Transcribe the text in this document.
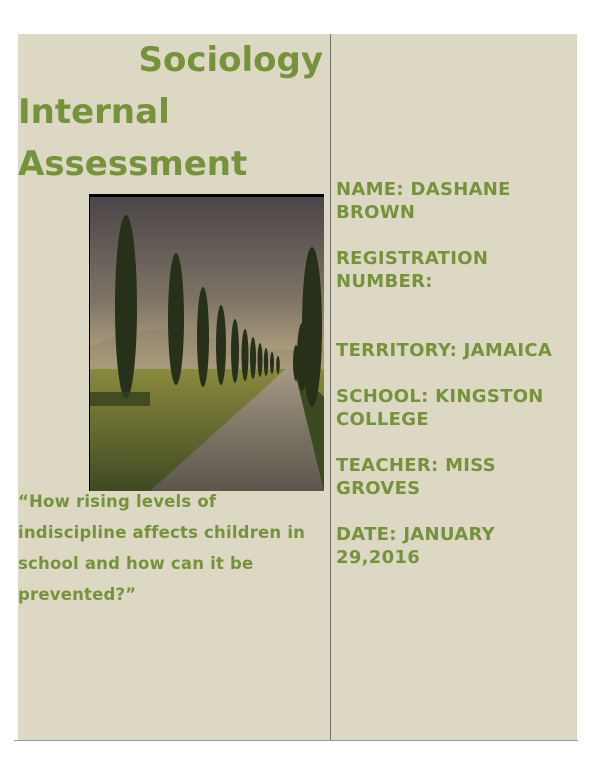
Sociology
Internal
Assessment
“How rising levels of indiscipline affects children in school and how can it be prevented?”

NAME: DASHANE BROWN

REGISTRATION NUMBER:

TERRITORY: JAMAICA

SCHOOL: KINGSTON COLLEGE

TEACHER: MISS GROVES

DATE: JANUARY 29,2016
